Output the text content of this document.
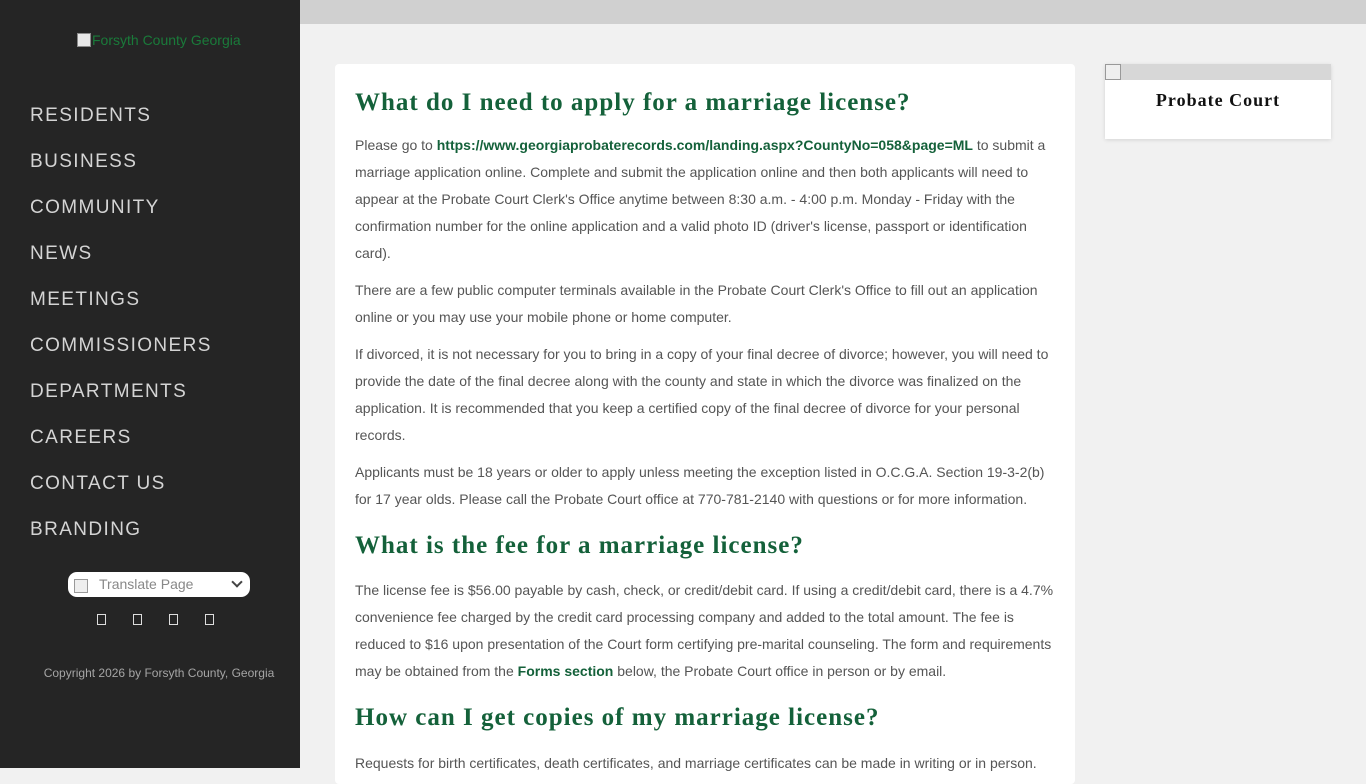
Forsyth County Georgia
RESIDENTS
BUSINESS
COMMUNITY
NEWS
MEETINGS
COMMISSIONERS
DEPARTMENTS
CAREERS
CONTACT US
BRANDING
Translate Page
Copyright 2026 by Forsyth County, Georgia
What do I need to apply for a marriage license?

Please go to https://www.georgiaprobaterecords.com/landing.aspx?CountyNo=058&page=ML to submit a marriage application online. Complete and submit the application online and then both applicants will need to appear at the Probate Court Clerk's Office anytime between 8:30 a.m. - 4:00 p.m. Monday - Friday with the confirmation number for the online application and a valid photo ID (driver's license, passport or identification card).

There are a few public computer terminals available in the Probate Court Clerk's Office to fill out an application online or you may use your mobile phone or home computer.

If divorced, it is not necessary for you to bring in a copy of your final decree of divorce; however, you will need to provide the date of the final decree along with the county and state in which the divorce was finalized on the application. It is recommended that you keep a certified copy of the final decree of divorce for your personal records.

Applicants must be 18 years or older to apply unless meeting the exception listed in O.C.G.A. Section 19-3-2(b) for 17 year olds. Please call the Probate Court office at 770-781-2140 with questions or for more information.

What is the fee for a marriage license?

The license fee is $56.00 payable by cash, check, or credit/debit card. If using a credit/debit card, there is a 4.7% convenience fee charged by the credit card processing company and added to the total amount. The fee is reduced to $16 upon presentation of the Court form certifying pre-marital counseling. The form and requirements may be obtained from the Forms section below, the Probate Court office in person or by email.

How can I get copies of my marriage license?

Requests for birth certificates, death certificates, and marriage certificates can be made in writing or in person.

Probate Court
